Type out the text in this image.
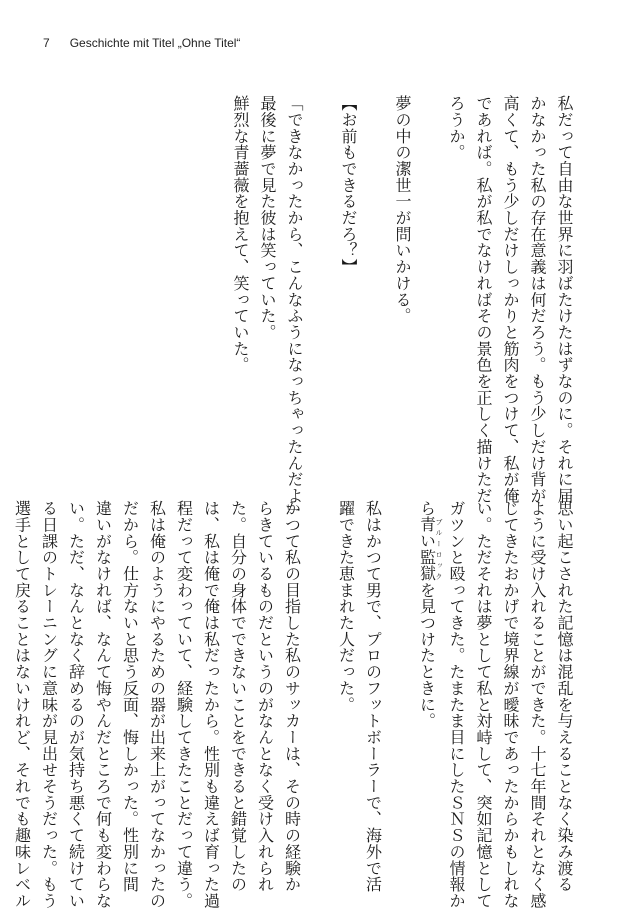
7 Geschichte mit Titel „Ohne Titel“

私だって自由な世界に羽ばたけたはずなのに。それに届

かなかった私の存在意義は何だろう。もう少しだけ背が

高くて、もう少しだけしっかりと筋肉をつけて、私が俺

であれば。私が私でなければその景色を正しく描けただ

ろうか。

夢の中の潔世一が問いかける。

【お前もできるだろ？】

「できなかったから、こんなふうになっちゃったんだよ」

最後に夢で見た彼は笑っていた。

鮮烈な青薔薇を抱えて、笑っていた。

思い起こされた記憶は混乱を与えることなく染み渡る

ように受け入れることができた。十七年間それとなく感

じてきたおかげで境界線が曖昧であったからかもしれな

い。ただそれは夢として私と対峙して、突如記憶として

ガツンと殴ってきた。たまたま目にしたＳＮＳの情報か

ら青い監獄ブルーロックを見つけたときに。

私はかつて男で、プロのフットボーラーで、海外で活

躍できた恵まれた人だった。

かつて私の目指した私のサッカーは、その時の経験か

らきているものだというのがなんとなく受け入れられ

た。自分の身体でできないことをできると錯覚したの

は、私は俺で俺は私だったから。性別も違えば育った過

程だって変わっていて、経験してきたことだって違う。

私は俺のようにやるための器が出来上がってなかったの

だから。仕方ないと思う反面、悔しかった。性別に間

違いがなければ、なんて悔やんだところで何も変わらな

い。ただ、なんとなく辞めるのが気持ち悪くて続けてい

る日課のトレーニングに意味が見出せそうだった。もう

選手として戻ることはないけれど、それでも趣味レベル
